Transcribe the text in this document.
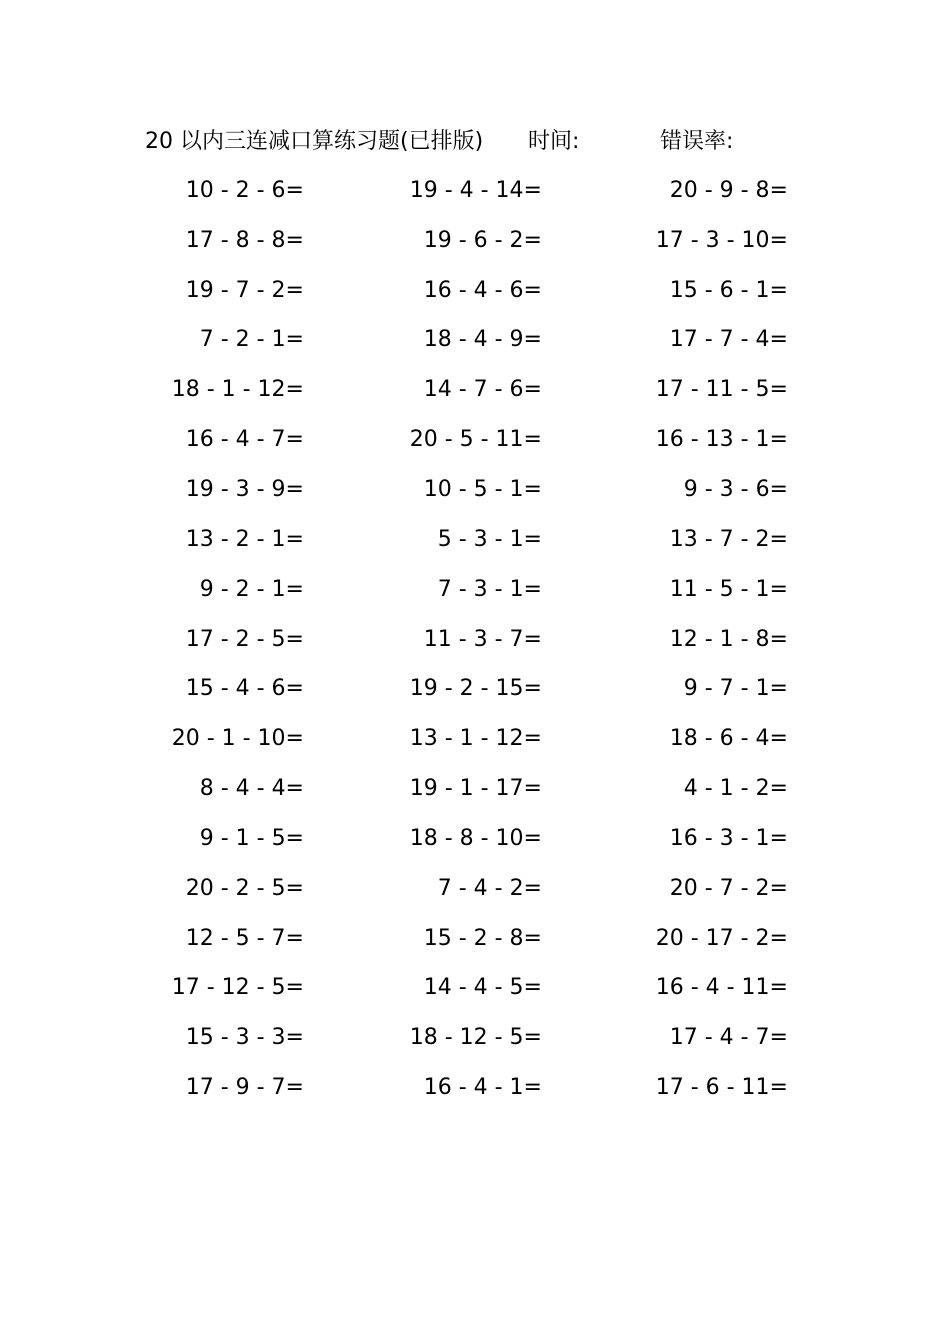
20 以内三连减口算练习题(已排版) 时间:	错误率:
10 - 2 - 6=	19 - 4 - 14=	20 - 9 - 8=
17 - 8 - 8=	19 - 6 - 2=	17 - 3 - 10=
19 - 7 - 2=	16 - 4 - 6=	15 - 6 - 1=
7 - 2 - 1=	18 - 4 - 9=	17 - 7 - 4=
18 - 1 - 12=	14 - 7 - 6=	17 - 11 - 5=
16 - 4 - 7=	20 - 5 - 11=	16 - 13 - 1=
19 - 3 - 9=	10 - 5 - 1=	9 - 3 - 6=
13 - 2 - 1=	5 - 3 - 1=	13 - 7 - 2=
9 - 2 - 1=	7 - 3 - 1=	11 - 5 - 1=
17 - 2 - 5=	11 - 3 - 7=	12 - 1 - 8=
15 - 4 - 6=	19 - 2 - 15=	9 - 7 - 1=
20 - 1 - 10=	13 - 1 - 12=	18 - 6 - 4=
8 - 4 - 4=	19 - 1 - 17=	4 - 1 - 2=
9 - 1 - 5=	18 - 8 - 10=	16 - 3 - 1=
20 - 2 - 5=	7 - 4 - 2=	20 - 7 - 2=
12 - 5 - 7=	15 - 2 - 8=	20 - 17 - 2=
17 - 12 - 5=	14 - 4 - 5=	16 - 4 - 11=
15 - 3 - 3=	18 - 12 - 5=	17 - 4 - 7=
17 - 9 - 7=	16 - 4 - 1=	17 - 6 - 11=
